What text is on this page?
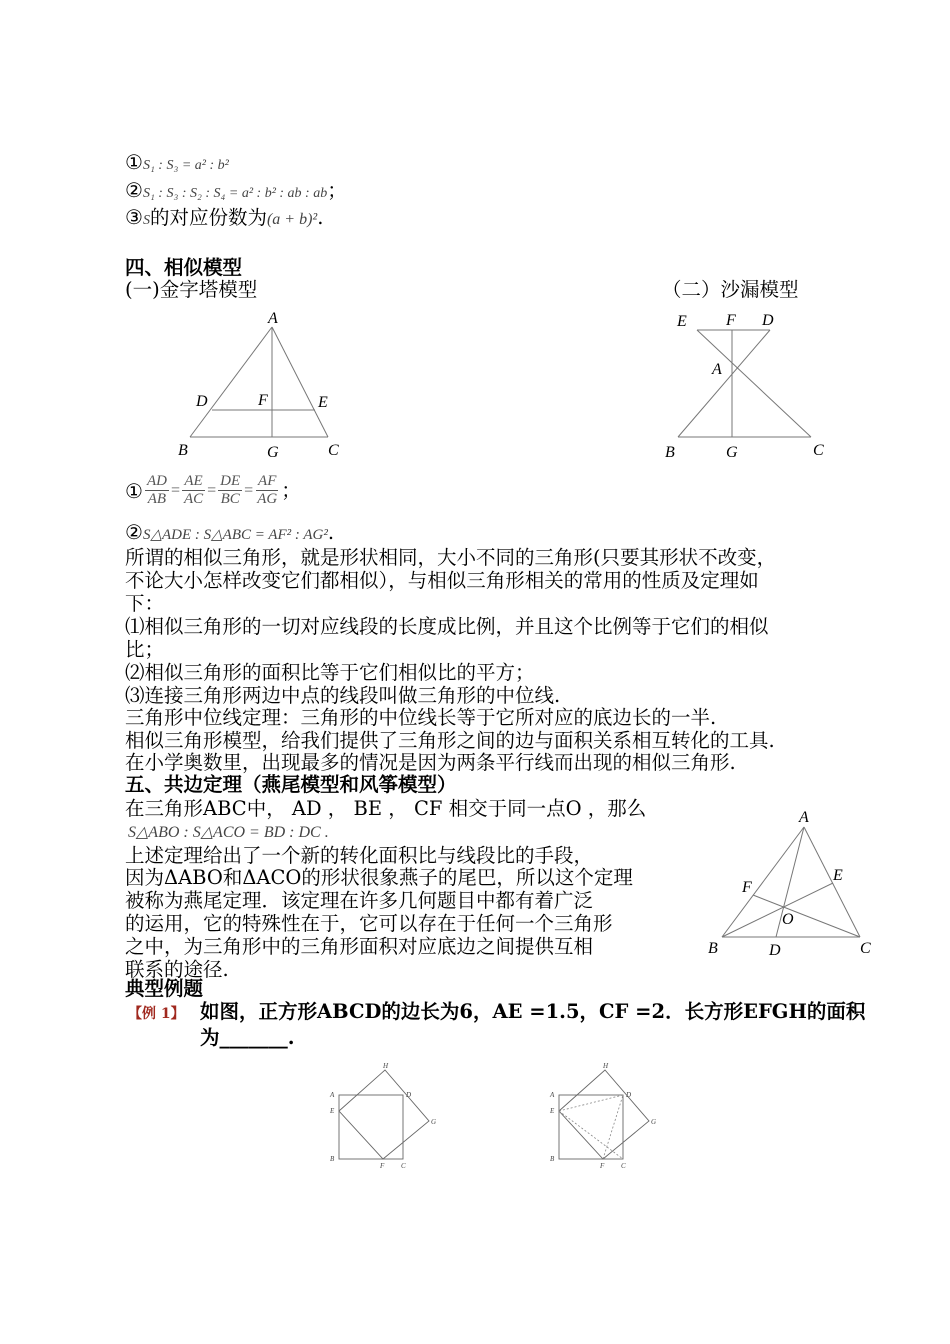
①S₁ : S₃ = a² : b²
②S₁ : S₃ : S₂ : S₄ = a² : b² : ab : ab；
③S的对应份数为(a + b)².
四、相似模型
(一)金字塔模型	（二）沙漏模型
A
D	F	E
B	G	C
E F D
A
B	G	C
① $\frac{AD}{AB} = \frac{AE}{AC} = \frac{DE}{BC} = \frac{AF}{AG}$ ；
②S△ADE : S△ABC = AF² : AG².
所谓的相似三角形，就是形状相同，大小不同的三角形(只要其形状不改变，
不论大小怎样改变它们都相似），与相似三角形相关的常用的性质及定理如
下：
⑴相似三角形的一切对应线段的长度成比例，并且这个比例等于它们的相似
比；
⑵相似三角形的面积比等于它们相似比的平方；
⑶连接三角形两边中点的线段叫做三角形的中位线.
三角形中位线定理：三角形的中位线长等于它所对应的底边长的一半.
相似三角形模型，给我们提供了三角形之间的边与面积关系相互转化的工具.
在小学奥数里，出现最多的情况是因为两条平行线而出现的相似三角形.
五、共边定理（燕尾模型和风筝模型）
在三角形ABC中， AD ， BE ， CF 相交于同一点O ，那么
S△ABO : S△ACO = BD : DC .
上述定理给出了一个新的转化面积比与线段比的手段，
因为ΔABO和ΔACO的形状很象燕子的尾巴，所以这个定理
被称为燕尾定理．该定理在许多几何题目中都有着广泛
的运用，它的特殊性在于，它可以存在于任何一个三角形
之中，为三角形中的三角形面积对应底边之间提供互相
联系的途径.
A
F
E
O
B	D	C
典型例题
【例 1】 如图，正方形ABCD的边长为6，AE =1.5，CF =2．长方形EFGH的面积
为_______.
A
E
B
H
D
G
F C
A
E
B
H
D
G
F C
